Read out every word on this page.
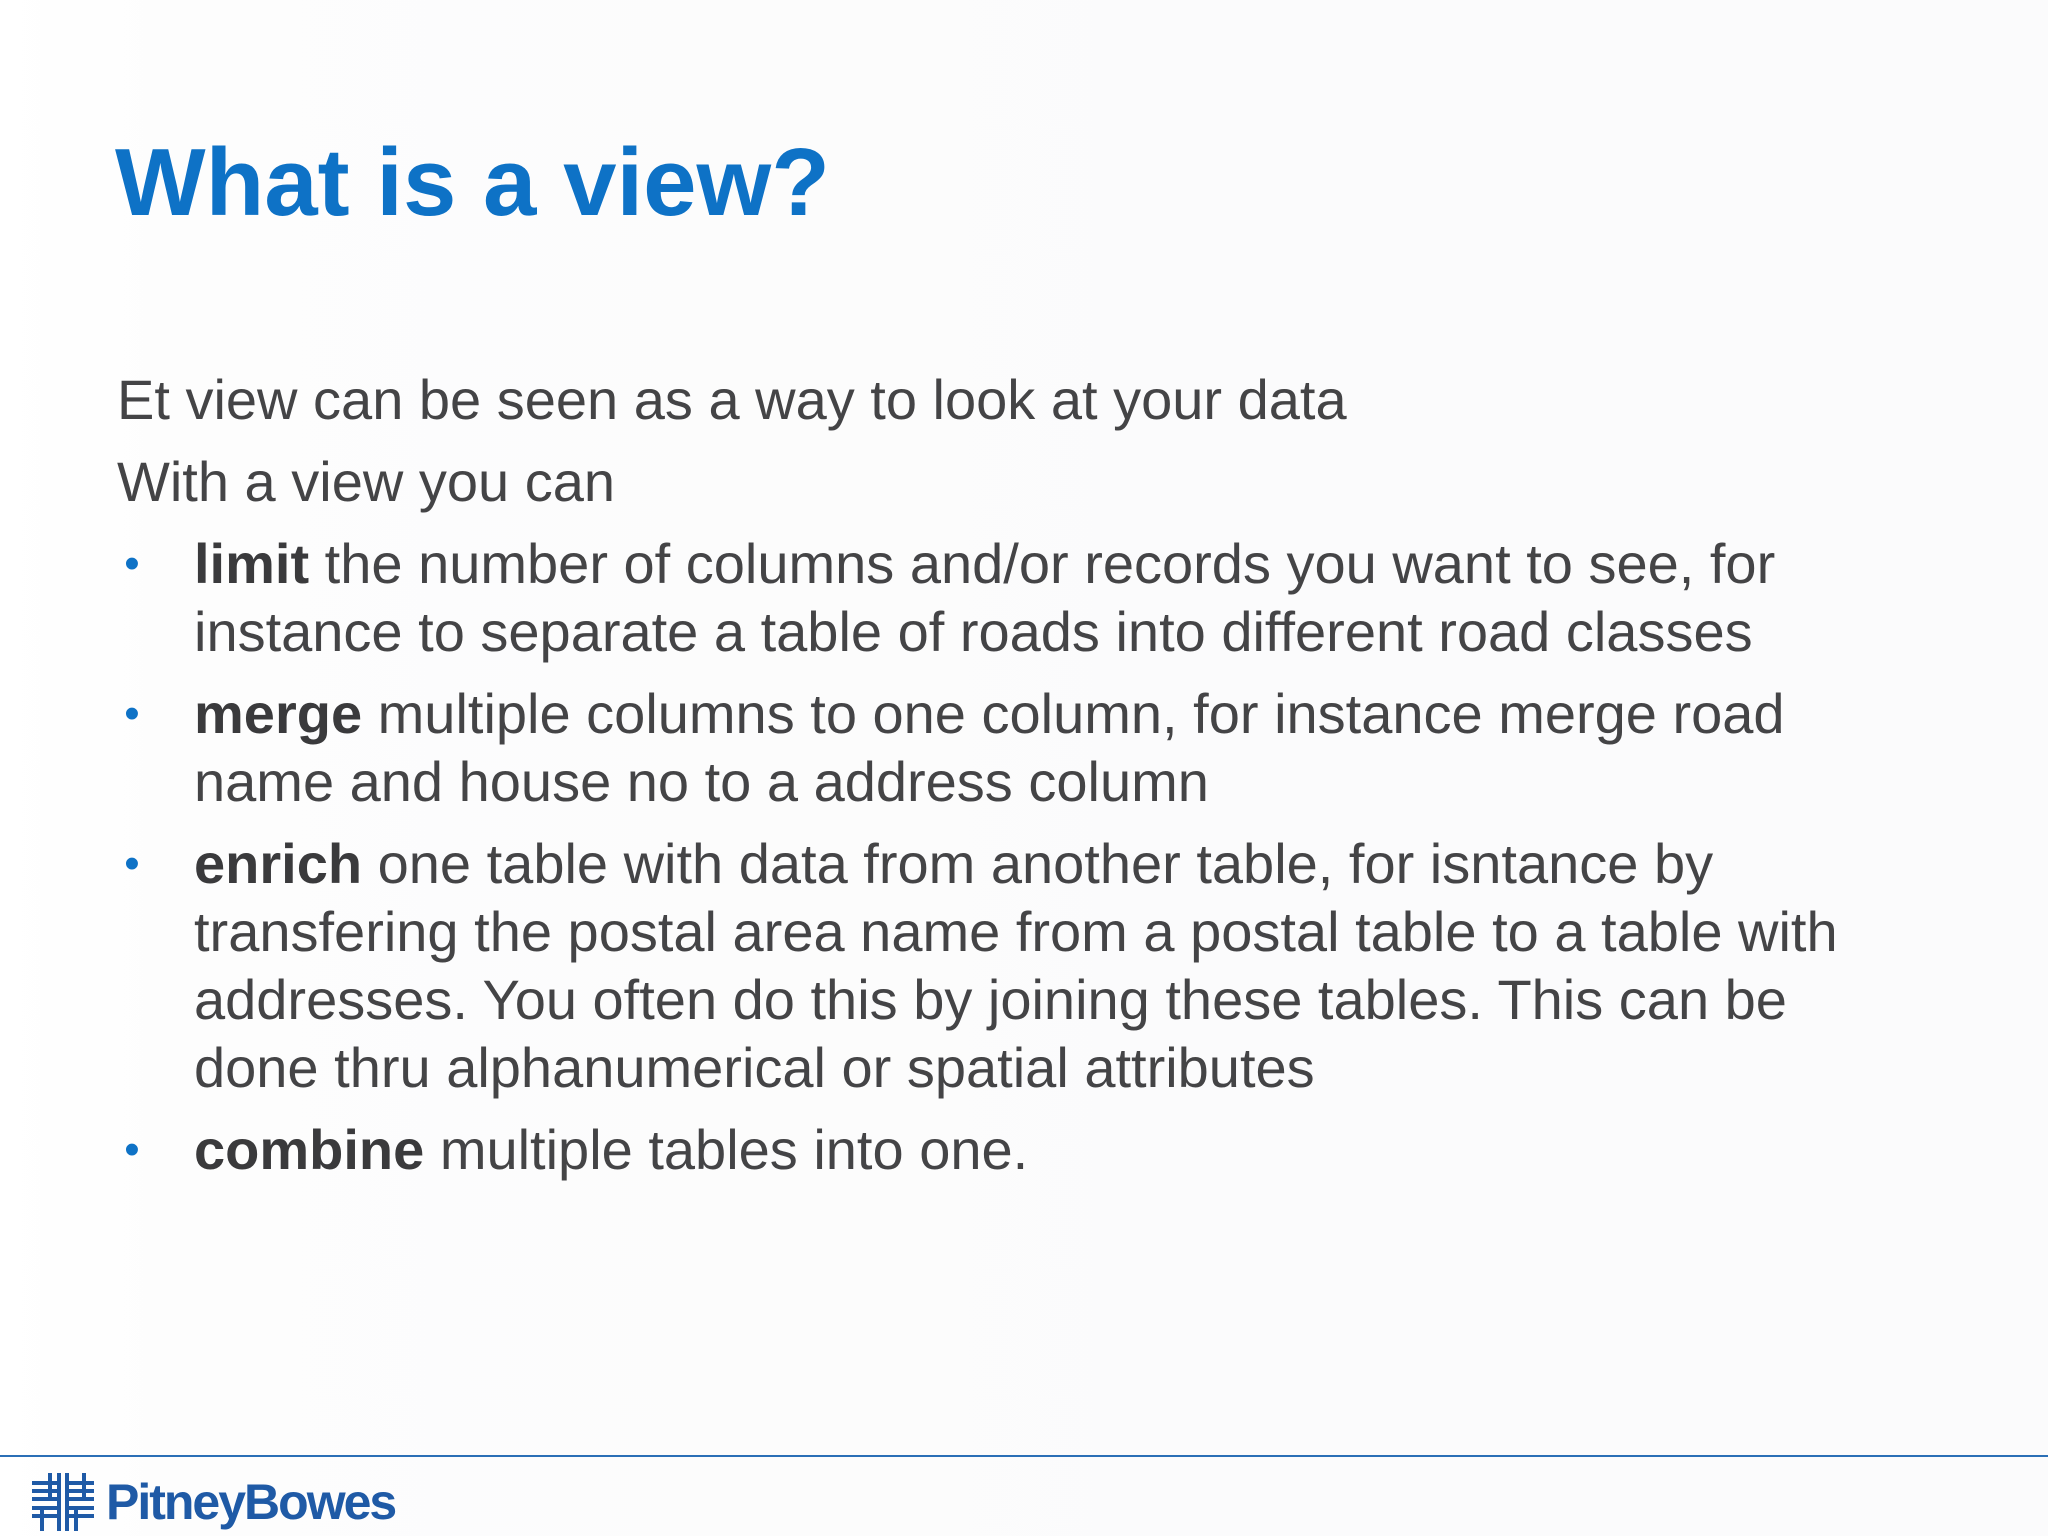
What is a view?

Et view can be seen as a way to look at your data

With a view you can

• limit the number of columns and/or records you want to see, for instance to separate a table of roads into different road classes
• merge multiple columns to one column, for instance merge road name and house no to a address column
• enrich one table with data from another table, for isntance by transfering the postal area name from a postal table to a table with addresses. You often do this by joining these tables. This can be done thru alphanumerical or spatial attributes
• combine multiple tables into one.
PitneyBowes
